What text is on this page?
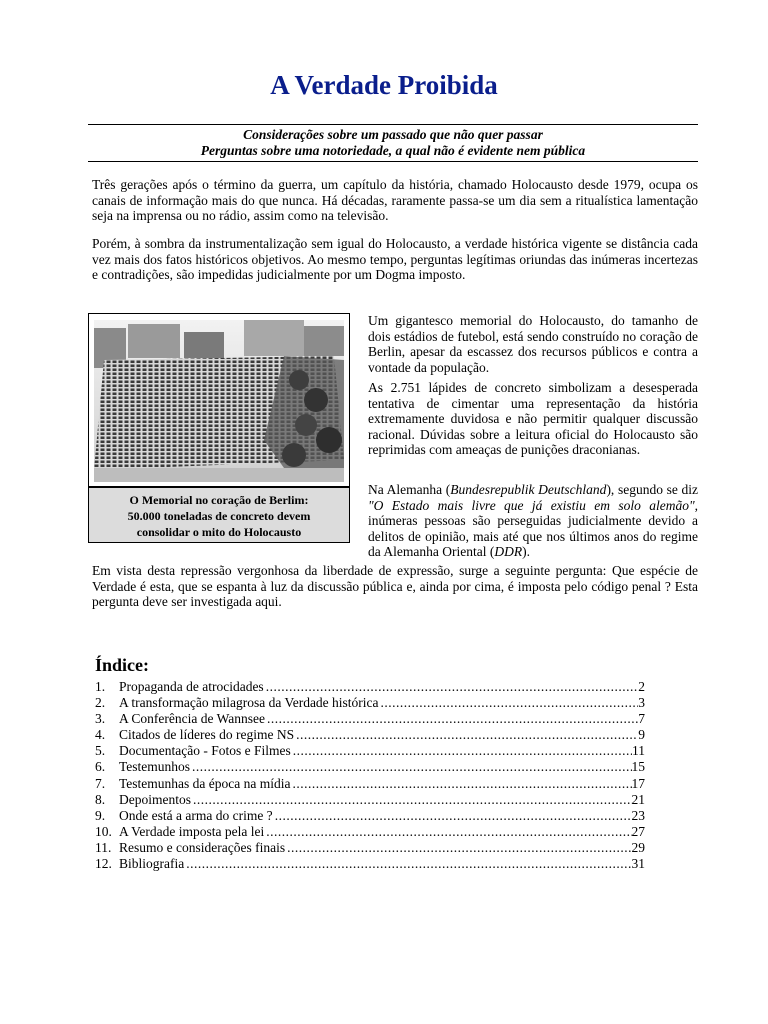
A Verdade Proibida
Considerações sobre um passado que não quer passar
Perguntas sobre uma notoriedade, a qual não é evidente nem pública
Três gerações após o término da guerra, um capítulo da história, chamado Holocausto desde 1979, ocupa os canais de informação mais do que nunca. Há décadas, raramente passa-se um dia sem a ritualística lamentação seja na imprensa ou no rádio, assim como na televisão.
Porém, à sombra da instrumentalização sem igual do Holocausto, a verdade histórica vigente se distância cada vez mais dos fatos históricos objetivos. Ao mesmo tempo, perguntas legítimas oriundas das inúmeras incertezas e contradições, são impedidas judicialmente por um Dogma imposto.
O Memorial no coração de Berlim:
50.000 toneladas de concreto devem
consolidar o mito do Holocausto
Um gigantesco memorial do Holocausto, do tamanho de dois estádios de futebol, está sendo construído no coração de Berlin, apesar da escassez dos recursos públicos e contra a vontade da população.
As 2.751 lápides de concreto simbolizam a desesperada tentativa de cimentar uma representação da história extremamente duvidosa e não permitir qualquer discussão racional. Dúvidas sobre a leitura oficial do Holocausto são reprimidas com ameaças de punições draconianas.
Na Alemanha (Bundesrepublik Deutschland), segundo se diz "O Estado mais livre que já existiu em solo alemão", inúmeras pessoas são perseguidas judicialmente devido a delitos de opinião, mais até que nos últimos anos do regime da Alemanha Oriental (DDR).
Em vista desta repressão vergonhosa da liberdade de expressão, surge a seguinte pergunta: Que espécie de Verdade é esta, que se espanta à luz da discussão pública e, ainda por cima, é imposta pelo código penal ? Esta pergunta deve ser investigada aqui.
Índice:
1.	Propaganda de atrocidades .....	2
2.	A transformação milagrosa da Verdade histórica .....	3
3.	A Conferência de Wannsee .....	7
4.	Citados de líderes do regime NS .....	9
5.	Documentação - Fotos e Filmes .....	11
6.	Testemunhos .....	15
7.	Testemunhas da época na mídia .....	17
8.	Depoimentos .....	21
9.	Onde está a arma do crime ? .....	23
10. A Verdade imposta pela lei .....	27
11. Resumo e considerações finais .....	29
12. Bibliografia .....	31
